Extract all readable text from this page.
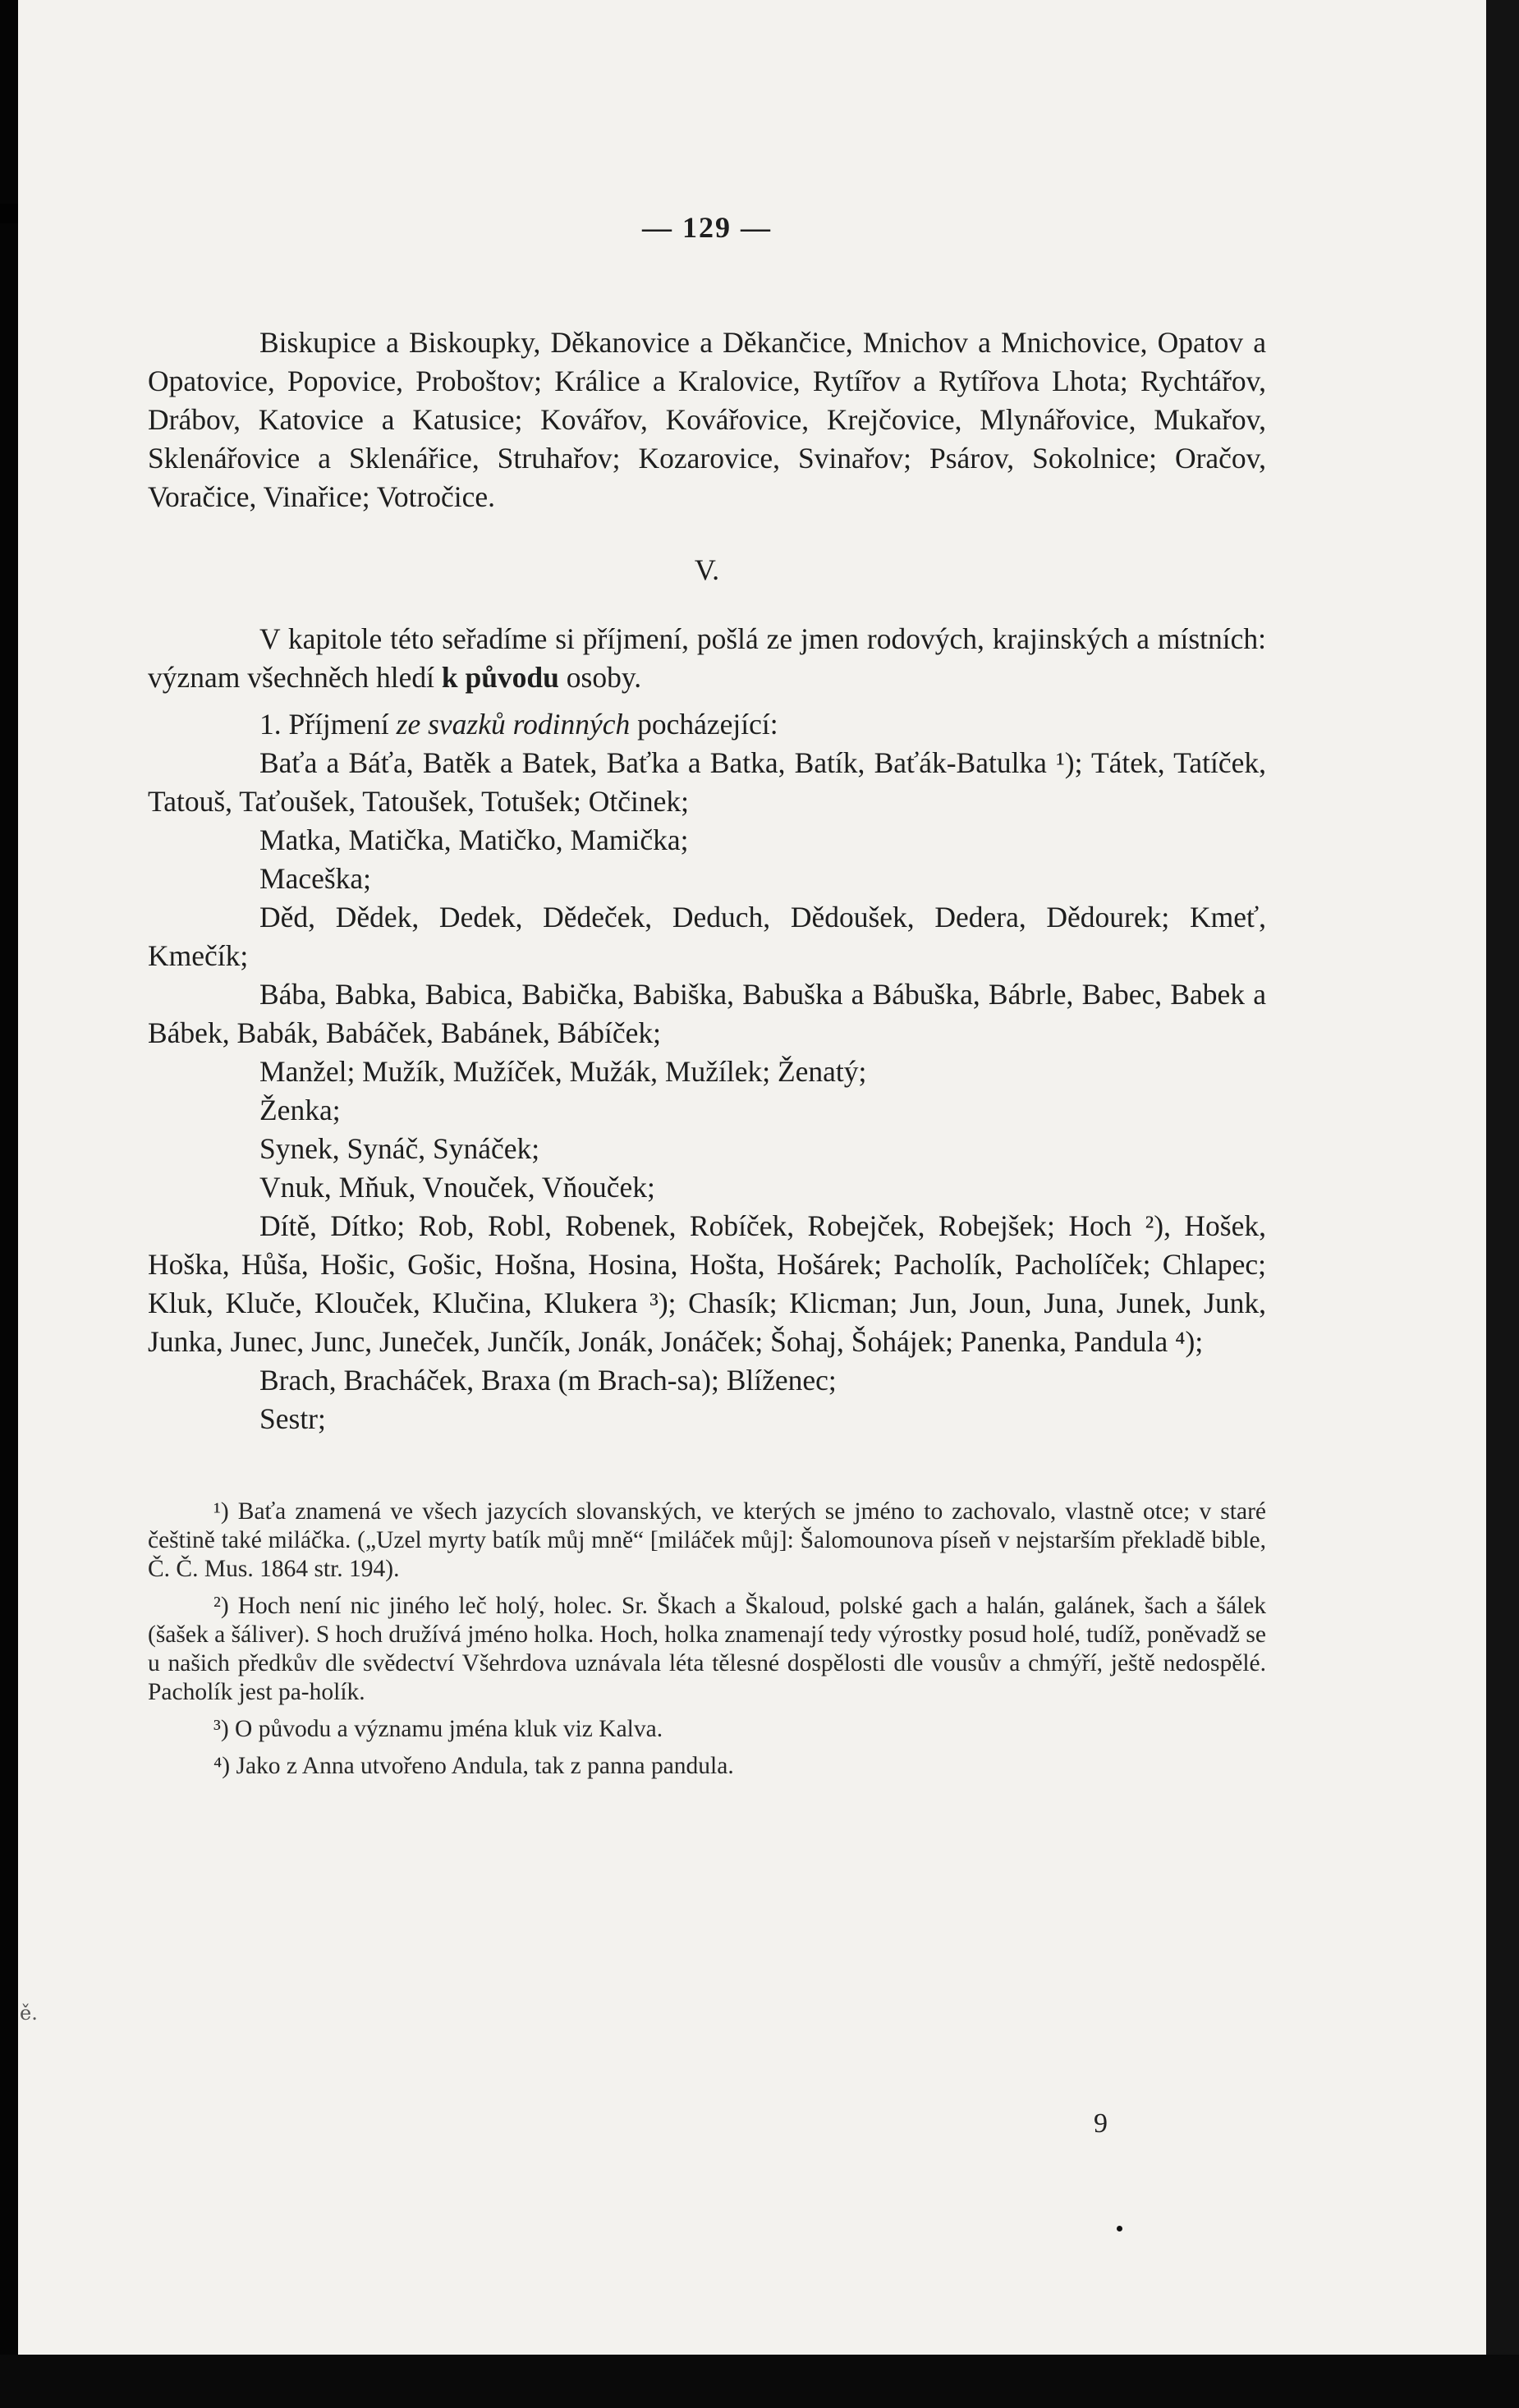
ě.
— 129 —

Biskupice a Biskoupky, Děkanovice a Děkančice, Mnichov a Mnichovice, Opatov a Opatovice, Popovice, Proboštov; Králice a Kralovice, Rytířov a Rytířova Lhota; Rychtářov, Drábov, Katovice a Katusice; Kovářov, Kovářovice, Krejčovice, Mlynářovice, Mukařov, Sklenářovice a Sklenářice, Struhařov; Kozarovice, Svinařov; Psárov, Sokolnice; Oračov, Voračice, Vinařice; Votročice.

V.

V kapitole této seřadíme si příjmení, pošlá ze jmen rodových, krajinských a místních: význam všechněch hledí k původu osoby.

1. Příjmení ze svazků rodinných pocházející:

Baťa a Báťa, Batěk a Batek, Baťka a Batka, Batík, Baťák-Batulka ¹); Tátek, Tatíček, Tatouš, Taťoušek, Tatoušek, Totušek; Otčinek;

Matka, Matička, Matičko, Mamička;

Maceška;

Děd, Dědek, Dedek, Dědeček, Deduch, Dědoušek, Dedera, Dědourek; Kmeť, Kmečík;

Bába, Babka, Babica, Babička, Babiška, Babuška a Bábuška, Bábrle, Babec, Babek a Bábek, Babák, Babáček, Babánek, Bábíček;

Manžel; Mužík, Mužíček, Mužák, Mužílek; Ženatý;

Ženka;

Synek, Synáč, Synáček;

Vnuk, Mňuk, Vnouček, Vňouček;

Dítě, Dítko; Rob, Robl, Robenek, Robíček, Robejček, Robejšek; Hoch ²), Hošek, Hoška, Hůša, Hošic, Gošic, Hošna, Hosina, Hošta, Hošárek; Pacholík, Pacholíček; Chlapec; Kluk, Kluče, Klouček, Klučina, Klukera ³); Chasík; Klicman; Jun, Joun, Juna, Junek, Junk, Junka, Junec, Junc, Juneček, Junčík, Jonák, Jonáček; Šohaj, Šohájek; Panenka, Pandula ⁴);

Brach, Bracháček, Braxa (m Brach-sa); Blíženec;

Sestr;

¹) Baťa znamená ve všech jazycích slovanských, ve kterých se jméno to zachovalo, vlastně otce; v staré češtině také miláčka. („Uzel myrty batík můj mně“ [miláček můj]: Šalomounova píseň v nejstarším překladě bible, Č. Č. Mus. 1864 str. 194).

²) Hoch není nic jiného leč holý, holec. Sr. Škach a Škaloud, polské gach a halán, galánek, šach a šálek (šašek a šáliver). S hoch družívá jméno holka. Hoch, holka znamenají tedy výrostky posud holé, tudíž, poněvadž se u našich předkův dle svědectví Všehrdova uznávala léta tělesné dospělosti dle vousův a chmýří, ještě nedospělé. Pacholík jest pa-holík.

³) O původu a významu jména kluk viz Kalva.

⁴) Jako z Anna utvořeno Andula, tak z panna pandula.

9
